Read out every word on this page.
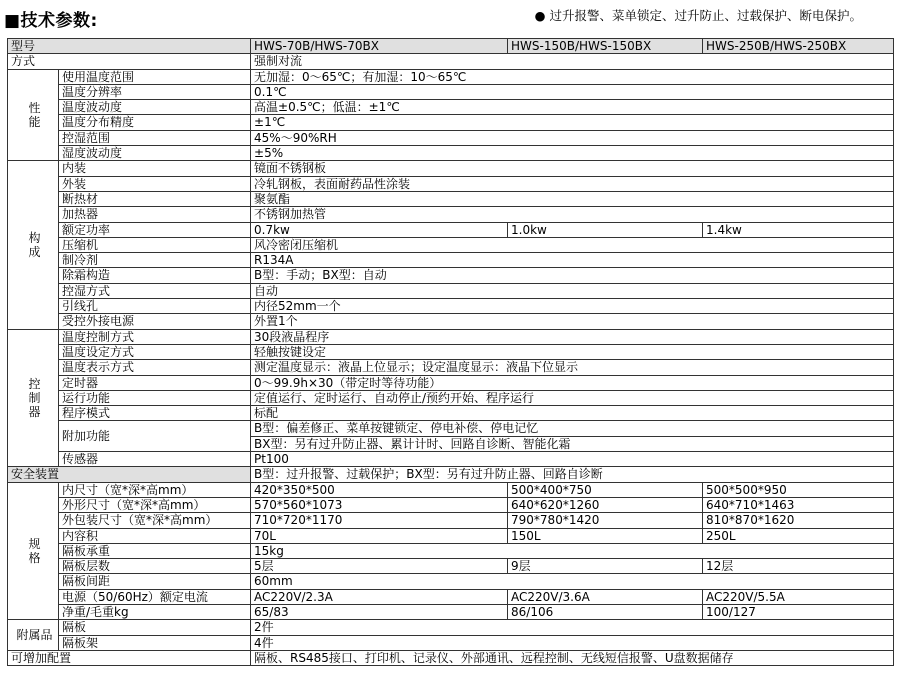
■技术参数:	● 过升报警、菜单锁定、过升防止、过载保护、断电保护。
型号		HWS-70B/HWS-70BX	HWS-150B/HWS-150BX	HWS-250B/HWS-250BX
方式		强制对流		
性
能	使用温度范围	无加湿：0～65℃；有加湿：10～65℃		
	温度分辨率	0.1℃		
	温度波动度	高温±0.5℃；低温：±1℃		
	温度分布精度	±1℃		
	控湿范围	45%～90%RH		
	湿度波动度	±5%		
构
成	内装	镜面不锈钢板		
	外装	冷轧钢板，表面耐药品性涂装		
	断热材	聚氨酯		
	加热器	不锈钢加热管		
	额定功率	0.7kw	1.0kw	1.4kw
	压缩机	风冷密闭压缩机		
	制冷剂	R134A		
	除霜构造	B型：手动；BX型：自动		
	控湿方式	自动		
	引线孔	内径52mm一个		
	受控外接电源	外置1个		
控
制
器	温度控制方式	30段液晶程序		
	温度设定方式	轻触按键设定		
	温度表示方式	测定温度显示：液晶上位显示；设定温度显示：液晶下位显示		
	定时器	0～99.9h×30（带定时等待功能）		
	运行功能	定值运行、定时运行、自动停止/预约开始、程序运行		
	程序模式	标配		
	附加功能	B型：偏差修正、菜单按键锁定、停电补偿、停电记忆		
		BX型：另有过升防止器、累计计时、回路自诊断、智能化霜		
	传感器	Pt100		
安全装置		B型：过升报警、过载保护；BX型：另有过升防止器、回路自诊断		
规
格	内尺寸（宽*深*高mm）	420*350*500	500*400*750	500*500*950
	外形尺寸（宽*深*高mm）	570*560*1073	640*620*1260	640*710*1463
	外包装尺寸（宽*深*高mm）	710*720*1170	790*780*1420	810*870*1620
	内容积	70L	150L	250L
	隔板承重	15kg		
	隔板层数	5层	9层	12层
	隔板间距	60mm		
	电源（50/60Hz）额定电流	AC220V/2.3A	AC220V/3.6A	AC220V/5.5A
	净重/毛重kg	65/83	86/106	100/127
附属品	隔板	2件		
	隔板架	4件		
可增加配置		隔板、RS485接口、打印机、记录仪、外部通讯、远程控制、无线短信报警、U盘数据储存		
